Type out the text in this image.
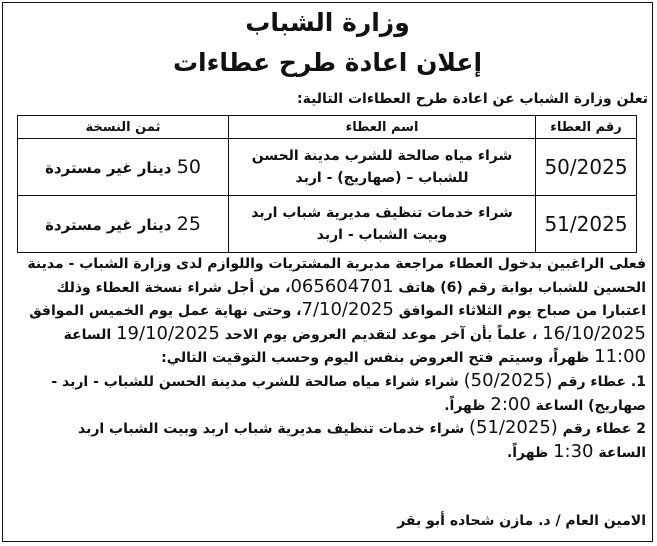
وزارة الشباب
إعلان اعادة طرح عطاءات
تعلن وزارة الشباب عن اعادة طرح العطاءات التالية:
رقم العطاء	اسم العطاء	ثمن النسخة
50/2025	شراء مياه صالحة للشرب مدينة الحسن للشباب – (صهاريج) - اربد	50 دينار غير مستردة
51/2025	شراء خدمات تنظيف مديرية شباب اربد وبيت الشباب - اربد	25 دينار غير مستردة
فعلى الراغبين بدخول العطاء مراجعة مديرية المشتريات واللوازم لدى وزارة الشباب - مدينة
الحسين للشباب بوابة رقم (6) هاتف 065604701، من أجل شراء نسخة العطاء وذلك
اعتبارا من صباح يوم الثلاثاء الموافق 7/10/2025، وحتى نهاية عمل يوم الخميس الموافق
16/10/2025 ، علماً بأن آخر موعد لتقديم العروض يوم الاحد 19/10/2025 الساعة
11:00 ظهراً، وسيتم فتح العروض بنفس اليوم وحسب التوقيت التالي:
1. عطاء رقم (50/2025) شراء شراء مياه صالحة للشرب مدينة الحسن للشباب - اربد -
صهاريج) الساعة 2:00 ظهراً.
2 عطاء رقم (51/2025) شراء خدمات تنظيف مديرية شباب اربد وبيت الشباب اربد
الساعة 1:30 ظهراً.
الامين العام / د. مازن شحاده أبو بقر
